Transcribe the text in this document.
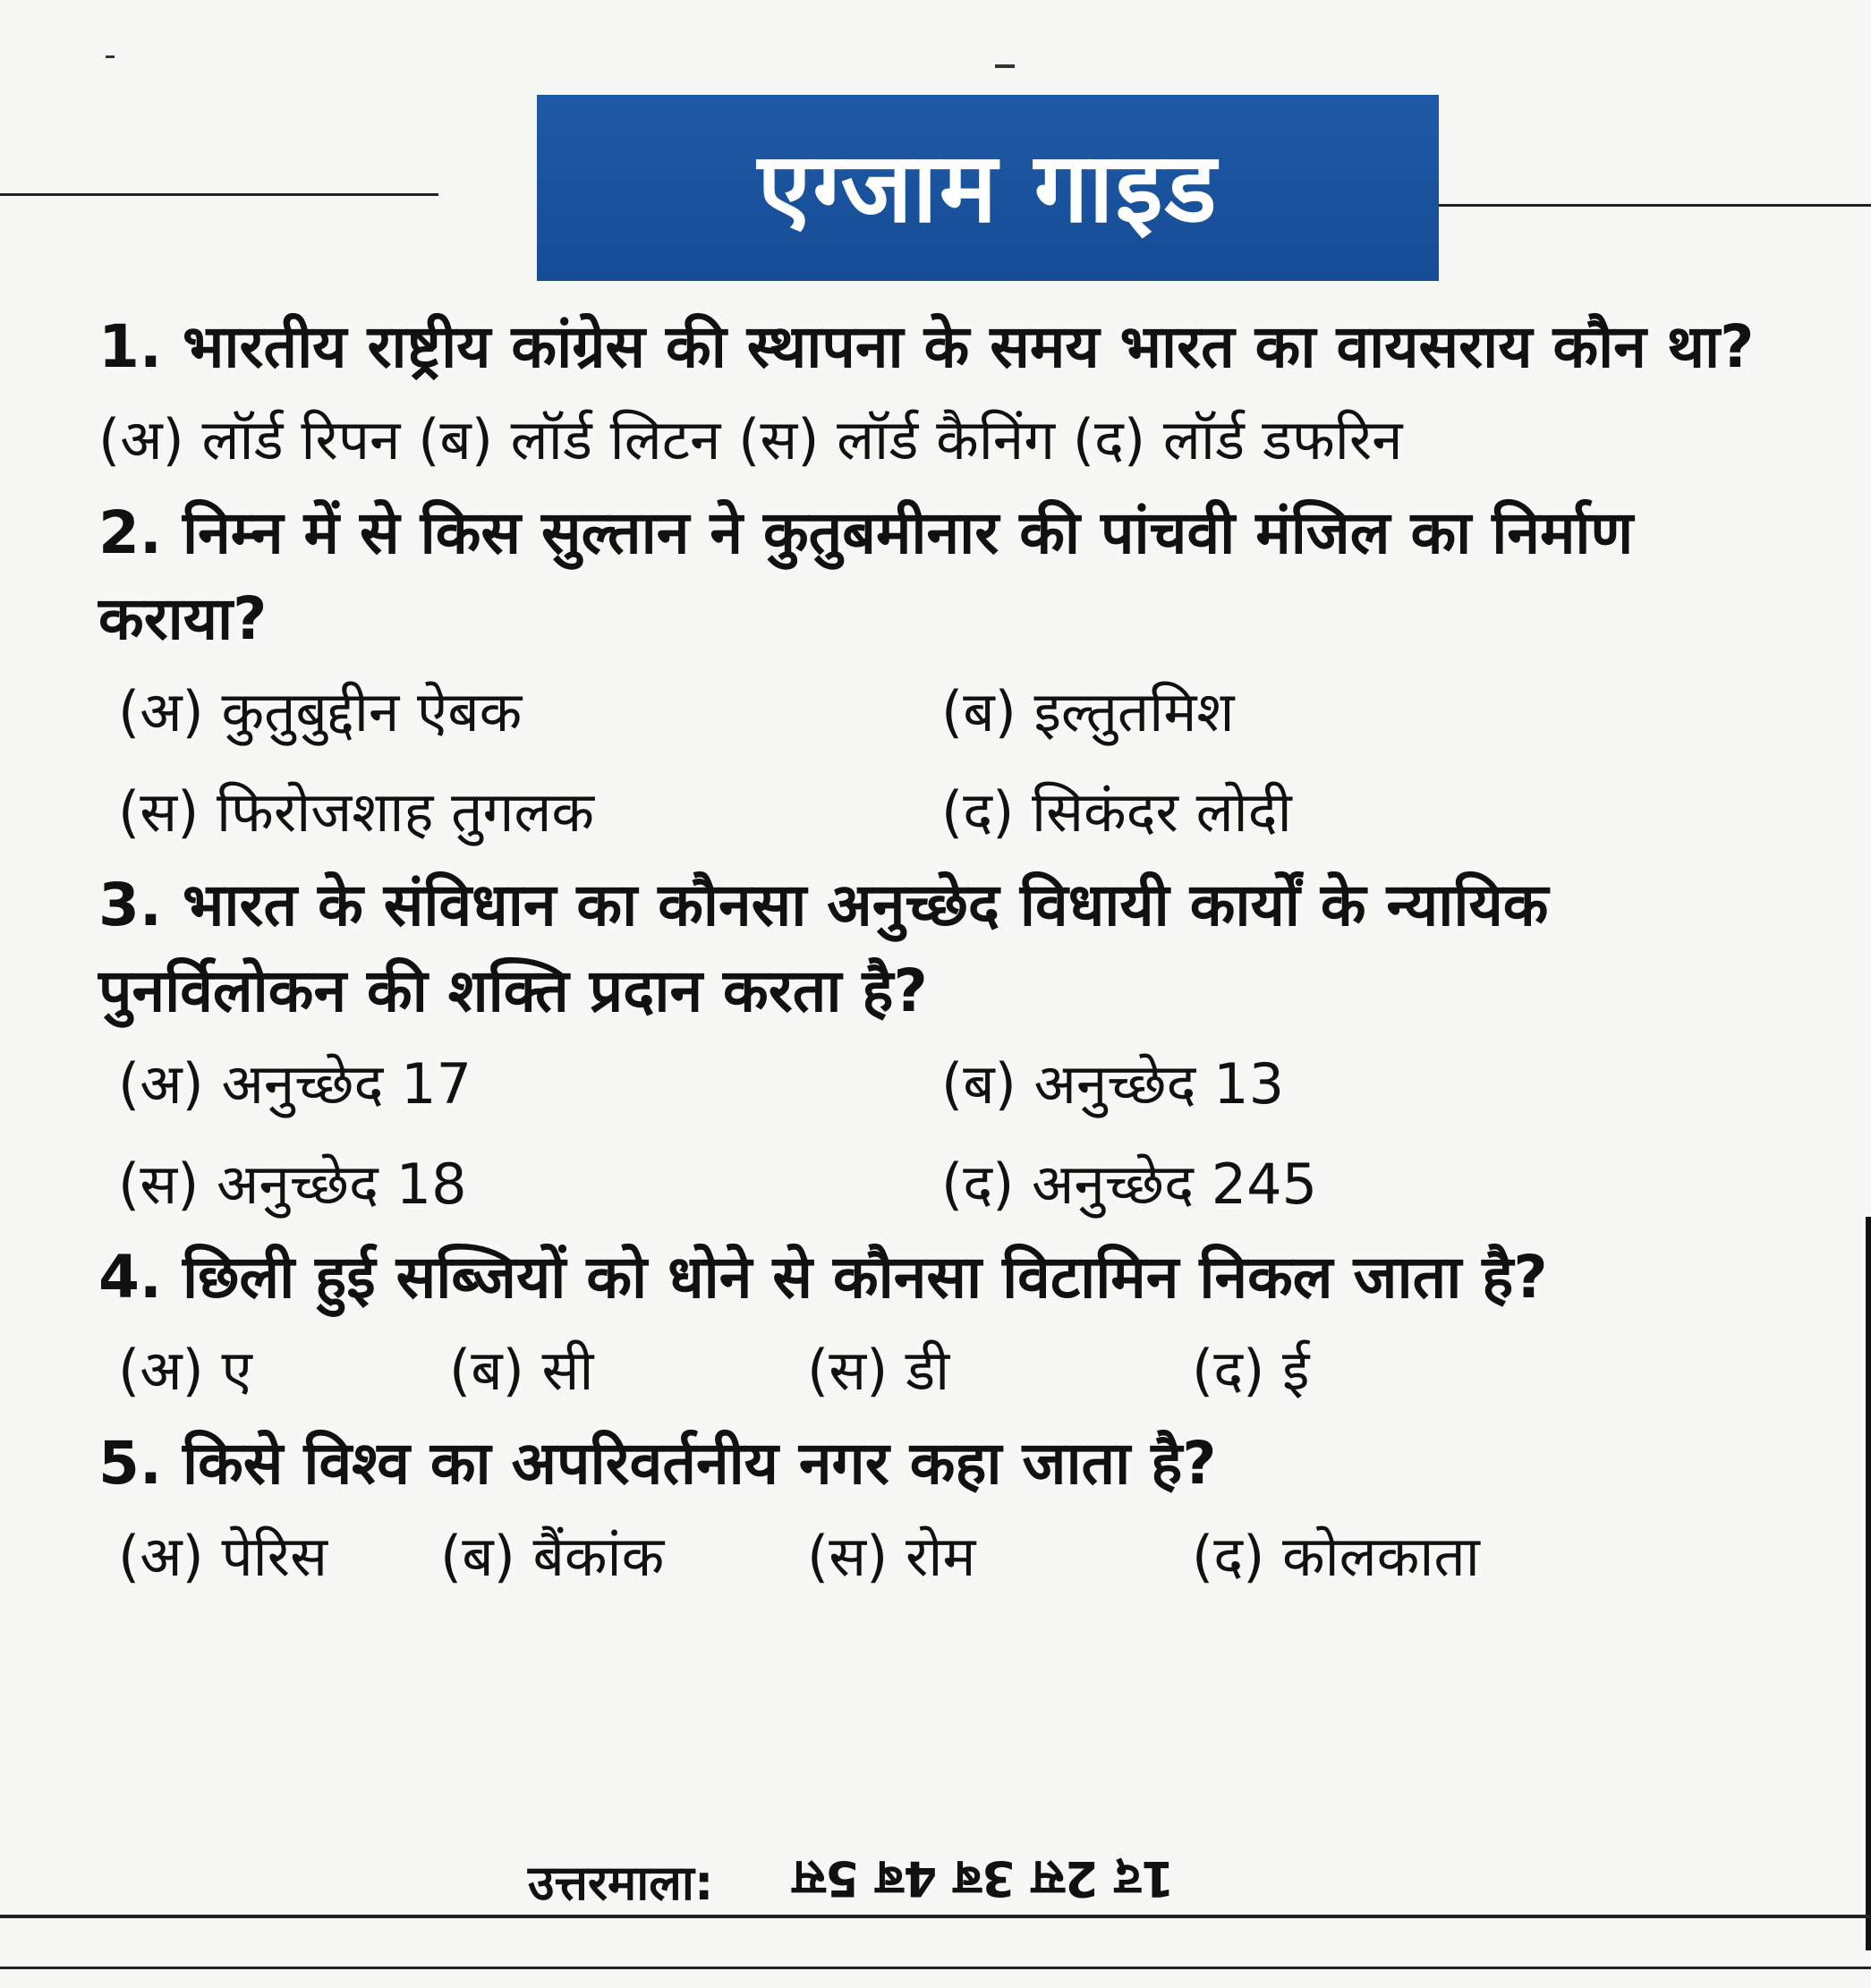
एग्जाम गाइड

1. भारतीय राष्ट्रीय कांग्रेस की स्थापना के समय भारत का वायसराय कौन था?

(अ) लॉर्ड रिपन (ब) लॉर्ड लिटन (स) लॉर्ड कैनिंग (द) लॉर्ड डफरिन

2. निम्न में से किस सुल्तान ने कुतुबमीनार की पांचवी मंजिल का निर्माण कराया?

(अ) कुतुबुद्दीन ऐबक	(ब) इल्तुतमिश
(स) फिरोजशाह तुगलक	(द) सिकंदर लोदी

3. भारत के संविधान का कौनसा अनुच्छेद विधायी कार्यों के न्यायिक पुनर्विलोकन की शक्ति प्रदान करता है?

(अ) अनुच्छेद 17	(ब) अनुच्छेद 13
(स) अनुच्छेद 18	(द) अनुच्छेद 245

4. छिली हुई सब्जियों को धोने से कौनसा विटामिन निकल जाता है?

(अ) ए	(ब) सी	(स) डी	(द) ई

5. किसे विश्व का अपरिवर्तनीय नगर कहा जाता है?

(अ) पेरिस	(ब) बैंकांक	(स) रोम	(द) कोलकाता
उत्तरमाला: 1द 2स 3ब 4ब 5स
